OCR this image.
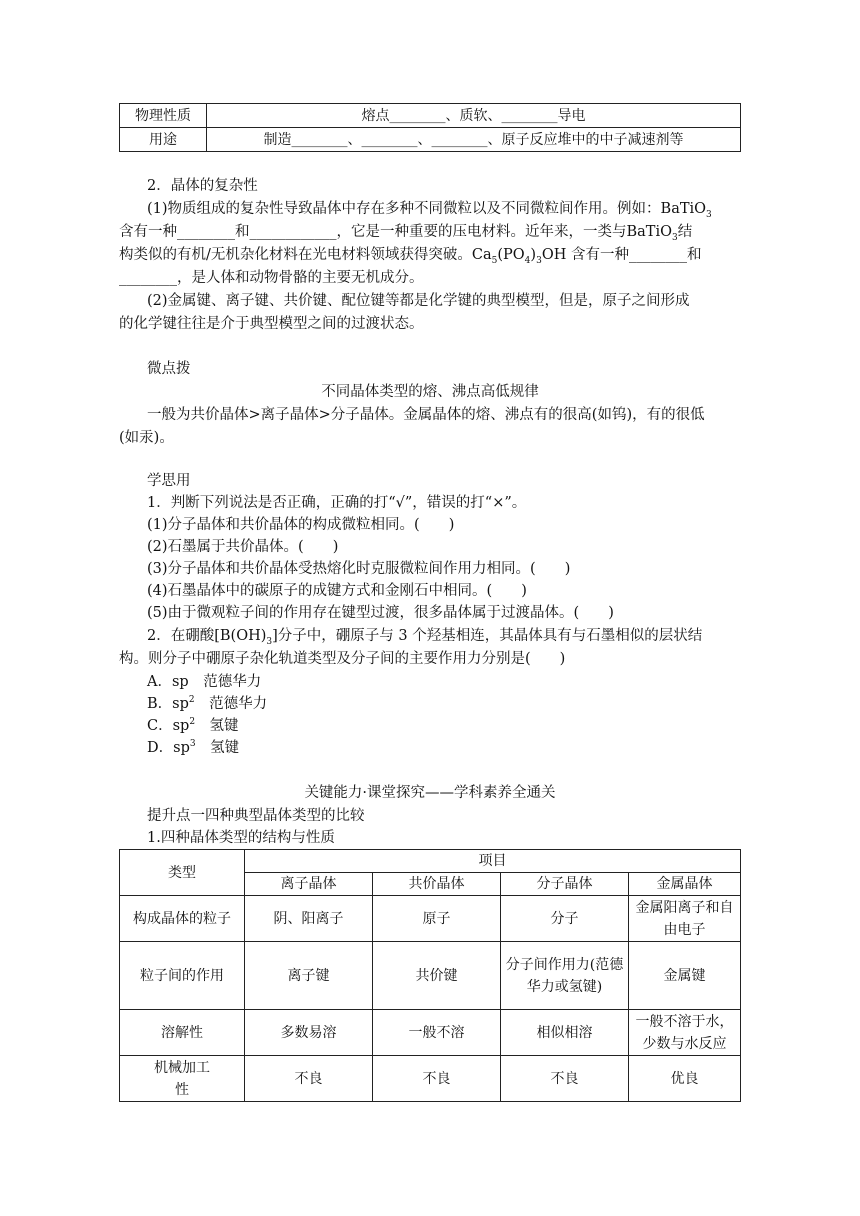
物理性质	熔点________、质软、________导电
用途	制造________、________、________、原子反应堆中的中子减速剂等
2．晶体的复杂性
(1)物质组成的复杂性导致晶体中存在多种不同微粒以及不同微粒间作用。例如：BaTiO$_3$
含有一种________和____________，它是一种重要的压电材料。近年来，一类与BaTiO$_3$结
构类似的有机/无机杂化材料在光电材料领域获得突破。$Ca_5(PO_4)_3OH$ 含有一种________和
________，是人体和动物骨骼的主要无机成分。
(2)金属键、离子键、共价键、配位键等都是化学键的典型模型，但是，原子之间形成
的化学键往往是介于典型模型之间的过渡状态。
微点拨
不同晶体类型的熔、沸点高低规律
一般为共价晶体>离子晶体>分子晶体。金属晶体的熔、沸点有的很高(如钨)，有的很低
(如汞)。
学思用
1．判断下列说法是否正确，正确的打“√”，错误的打“×”。
(1)分子晶体和共价晶体的构成微粒相同。(　　)
(2)石墨属于共价晶体。(　　)
(3)分子晶体和共价晶体受热熔化时克服微粒间作用力相同。(　　)
(4)石墨晶体中的碳原子的成键方式和金刚石中相同。(　　)
(5)由于微观粒子间的作用存在键型过渡，很多晶体属于过渡晶体。(　　)
2．在硼酸$[B(OH)_3]$分子中，硼原子与 3 个羟基相连，其晶体具有与石墨相似的层状结
构。则分子中硼原子杂化轨道类型及分子间的主要作用力分别是(　　)
A．sp　范德华力
B．$sp^2$　范德华力
C．$sp^2$　氢键
D．$sp^3$　氢键
关键能力·课堂探究——学科素养全通关
提升点一四种典型晶体类型的比较
1.四种晶体类型的结构与性质
类型	项目			
	离子晶体	共价晶体	分子晶体	金属晶体
构成晶体的粒子	阴、阳离子	原子	分子	金属阳离子和自由电子
粒子间的作用	离子键	共价键	分子间作用力(范德华力或氢键)	金属键
溶解性	多数易溶	一般不溶	相似相溶	一般不溶于水，少数与水反应
机械加工性	不良	不良	不良	优良
